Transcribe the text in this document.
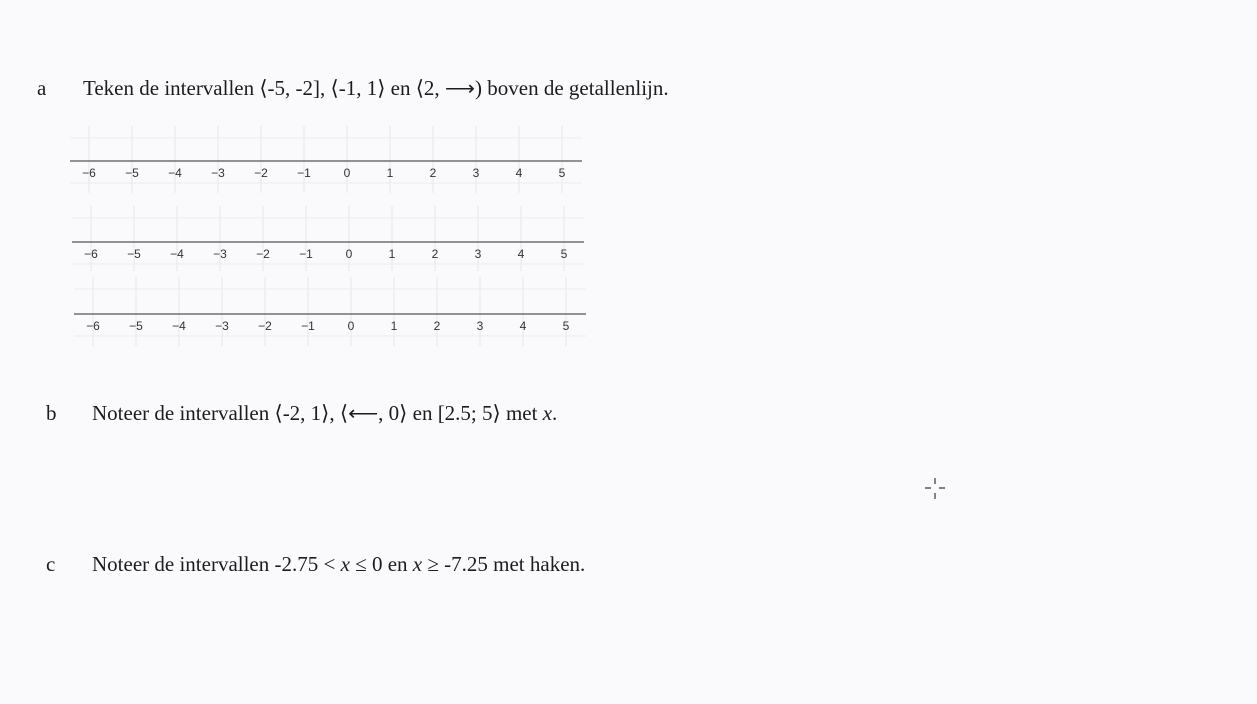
a Teken de intervallen ⟨-5, -2], ⟨-1, 1⟩ en ⟨2, ⟶) boven de getallenlijn.
−6 −5 −4 −3 −2 −1	0	1	2	3	4	5
−6 −5 −4 −3 −2 −1	0	1	2	3	4	5
−6 −5 −4 −3 −2 −1	0	1	2	3	4	5
b Noteer de intervallen ⟨-2, 1⟩, ⟨⟵, 0⟩ en [2.5; 5⟩ met x.
c Noteer de intervallen -2.75 < x ≤ 0 en x ≥ -7.25 met haken.
